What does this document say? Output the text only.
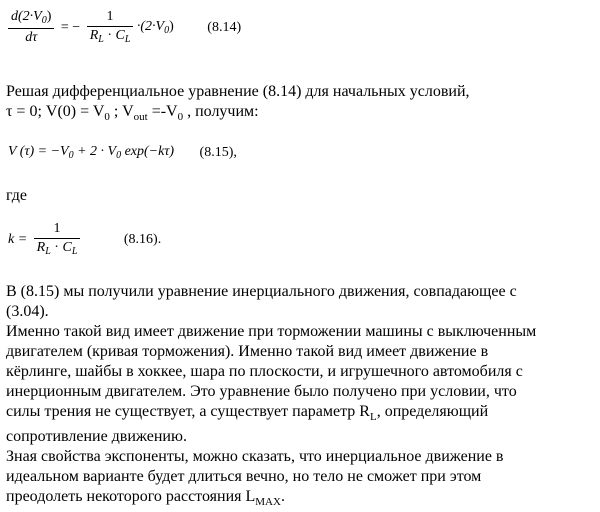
$\frac{d(2\cdot V_0)}{d\tau}$ = − $\frac{1}{R_L \cdot C_L} \cdot(2\cdot V_0)$ (8.14)
Решая дифференциальное уравнение (8.14) для начальных условий,
τ = 0; $V(0) = V_0$ ; $V_{out} =-V_0$ , получим:
V $(\tau) = -V_0 + 2 \cdot V_0$ exp(−kτ) (8.15),
где
$k = \frac{1}{R_L \cdot C_L}$	(8.16).
В (8.15) мы получили уравнение инерциального движения, совпадающее с
(3.04).
Именно такой вид имеет движение при торможении машины с выключенным
двигателем (кривая торможения). Именно такой вид имеет движение в
кёрлинге, шайбы в хоккее, шара по плоскости, и игрушечного автомобиля с
инерционным двигателем. Это уравнение было получено при условии, что
силы трения не существует, а существует параметр $R_L$, определяющий
сопротивление движению.
Зная свойства экспоненты, можно сказать, что инерциальное движение в
идеальном варианте будет длиться вечно, но тело не сможет при этом
преодолеть некоторого расстояния $L_{MAX}$.
